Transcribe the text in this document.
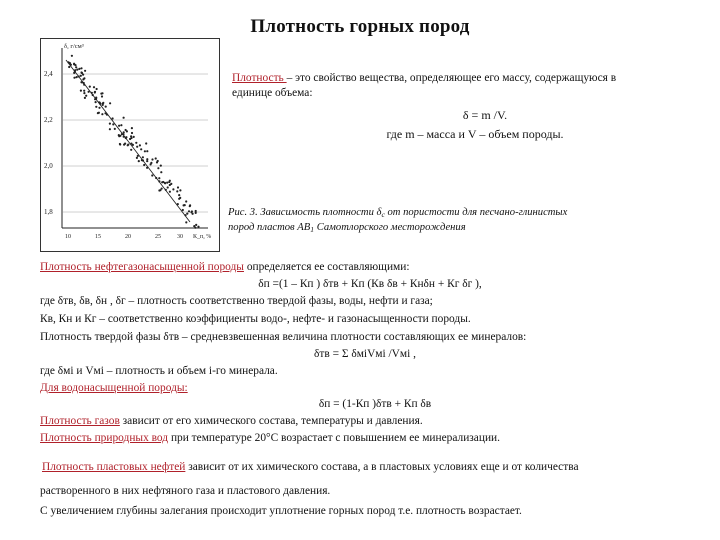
Плотность горных пород
δ, г/см³
2,4
2,2
2,0
1,8
10	15	20	25	30 К_п, %
Плотность – это свойство вещества, определяющее его массу, содержащуюся в
единице объема:
δ = m /V.
где m – масса и V – объем породы.
Рис. 3. Зависимость плотности $\delta_с$ от пористости для песчано-глинистых
пород пластов $АВ_1$ Самотлорского месторождения
Плотность нефтегазонасыщенной породы определяется ее составляющими:
δп =(1 – Кп ) δтв + Кп (Кв δв + Кнδн + Кг δг ),
где δтв, δв, δн , δг – плотность соответственно твердой фазы, воды, нефти и газа;
Кв, Кн и Кг – соответственно коэффициенты водо-, нефте- и газонасыщенности породы.
Плотность твердой фазы δтв – средневзвешенная величина плотности составляющих ее минералов:
δтв = Σ δмiVмi /Vмi ,
где δмi и Vмi – плотность и объем i-го минерала.
Для водонасыщенной породы:
δп = (1-Кп )δтв + Кп δв
Плотность газов зависит от его химического состава, температуры и давления.
Плотность природных вод при температуре 20°С возрастает с повышением ее минерализации.
Плотность пластовых нефтей зависит от их химического состава, а в пластовых условиях еще и от количества
растворенного в них нефтяного газа и пластового давления.
С увеличением глубины залегания происходит уплотнение горных пород т.е. плотность возрастает.
